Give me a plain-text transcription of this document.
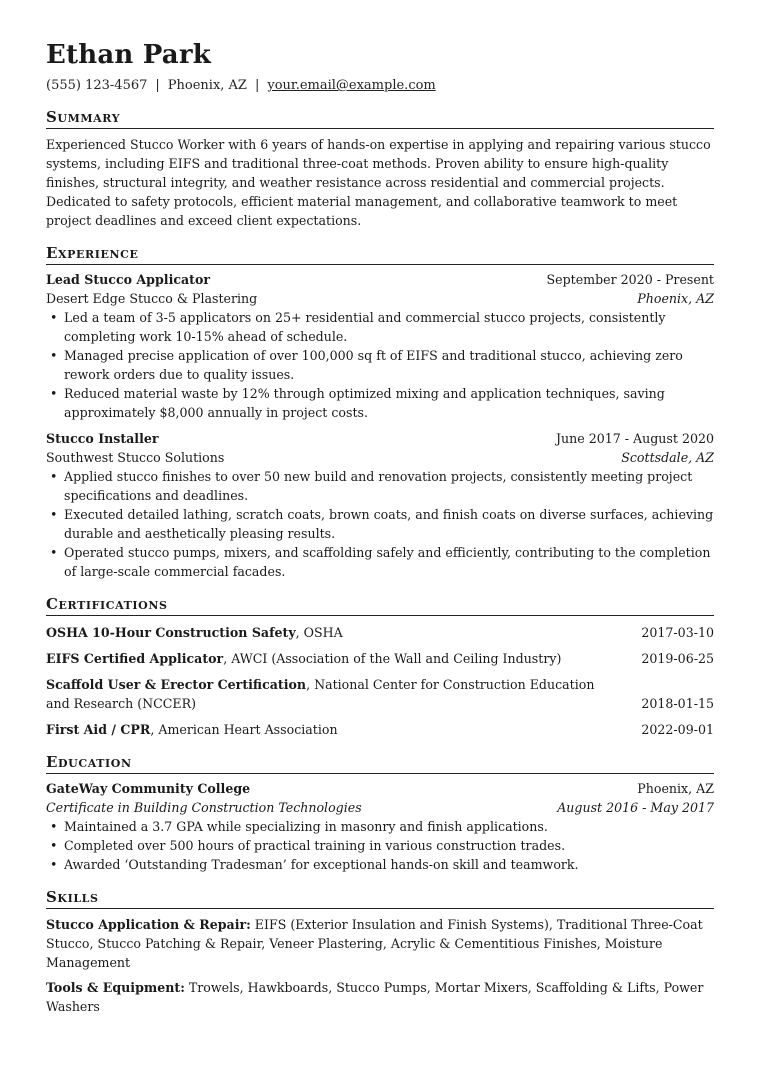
Ethan Park
(555) 123-4567 | Phoenix, AZ | your.email@example.com
Summary
Experienced Stucco Worker with 6 years of hands-on expertise in applying and repairing various stucco systems, including EIFS and traditional three-coat methods. Proven ability to ensure high-quality finishes, structural integrity, and weather resistance across residential and commercial projects. Dedicated to safety protocols, efficient material management, and collaborative teamwork to meet project deadlines and exceed client expectations.
Experience
Lead Stucco Applicator	September 2020 - Present
Desert Edge Stucco & Plastering	Phoenix, AZ
• Led a team of 3-5 applicators on 25+ residential and commercial stucco projects, consistently completing work 10-15% ahead of schedule.
• Managed precise application of over 100,000 sq ft of EIFS and traditional stucco, achieving zero rework orders due to quality issues.
• Reduced material waste by 12% through optimized mixing and application techniques, saving approximately $8,000 annually in project costs.
Stucco Installer	June 2017 - August 2020
Southwest Stucco Solutions	Scottsdale, AZ
• Applied stucco finishes to over 50 new build and renovation projects, consistently meeting project specifications and deadlines.
• Executed detailed lathing, scratch coats, brown coats, and finish coats on diverse surfaces, achieving durable and aesthetically pleasing results.
• Operated stucco pumps, mixers, and scaffolding safely and efficiently, contributing to the completion of large-scale commercial facades.
Certifications
OSHA 10-Hour Construction Safety, OSHA	2017-03-10
EIFS Certified Applicator, AWCI (Association of the Wall and Ceiling Industry)	2019-06-25
Scaffold User & Erector Certification, National Center for Construction Education and Research (NCCER)	2018-01-15
First Aid / CPR, American Heart Association	2022-09-01
Education
GateWay Community College	Phoenix, AZ
Certificate in Building Construction Technologies	August 2016 - May 2017
• Maintained a 3.7 GPA while specializing in masonry and finish applications.
• Completed over 500 hours of practical training in various construction trades.
• Awarded ‘Outstanding Tradesman’ for exceptional hands-on skill and teamwork.
Skills
Stucco Application & Repair: EIFS (Exterior Insulation and Finish Systems), Traditional Three-Coat Stucco, Stucco Patching & Repair, Veneer Plastering, Acrylic & Cementitious Finishes, Moisture Management
Tools & Equipment: Trowels, Hawkboards, Stucco Pumps, Mortar Mixers, Scaffolding & Lifts, Power Washers
